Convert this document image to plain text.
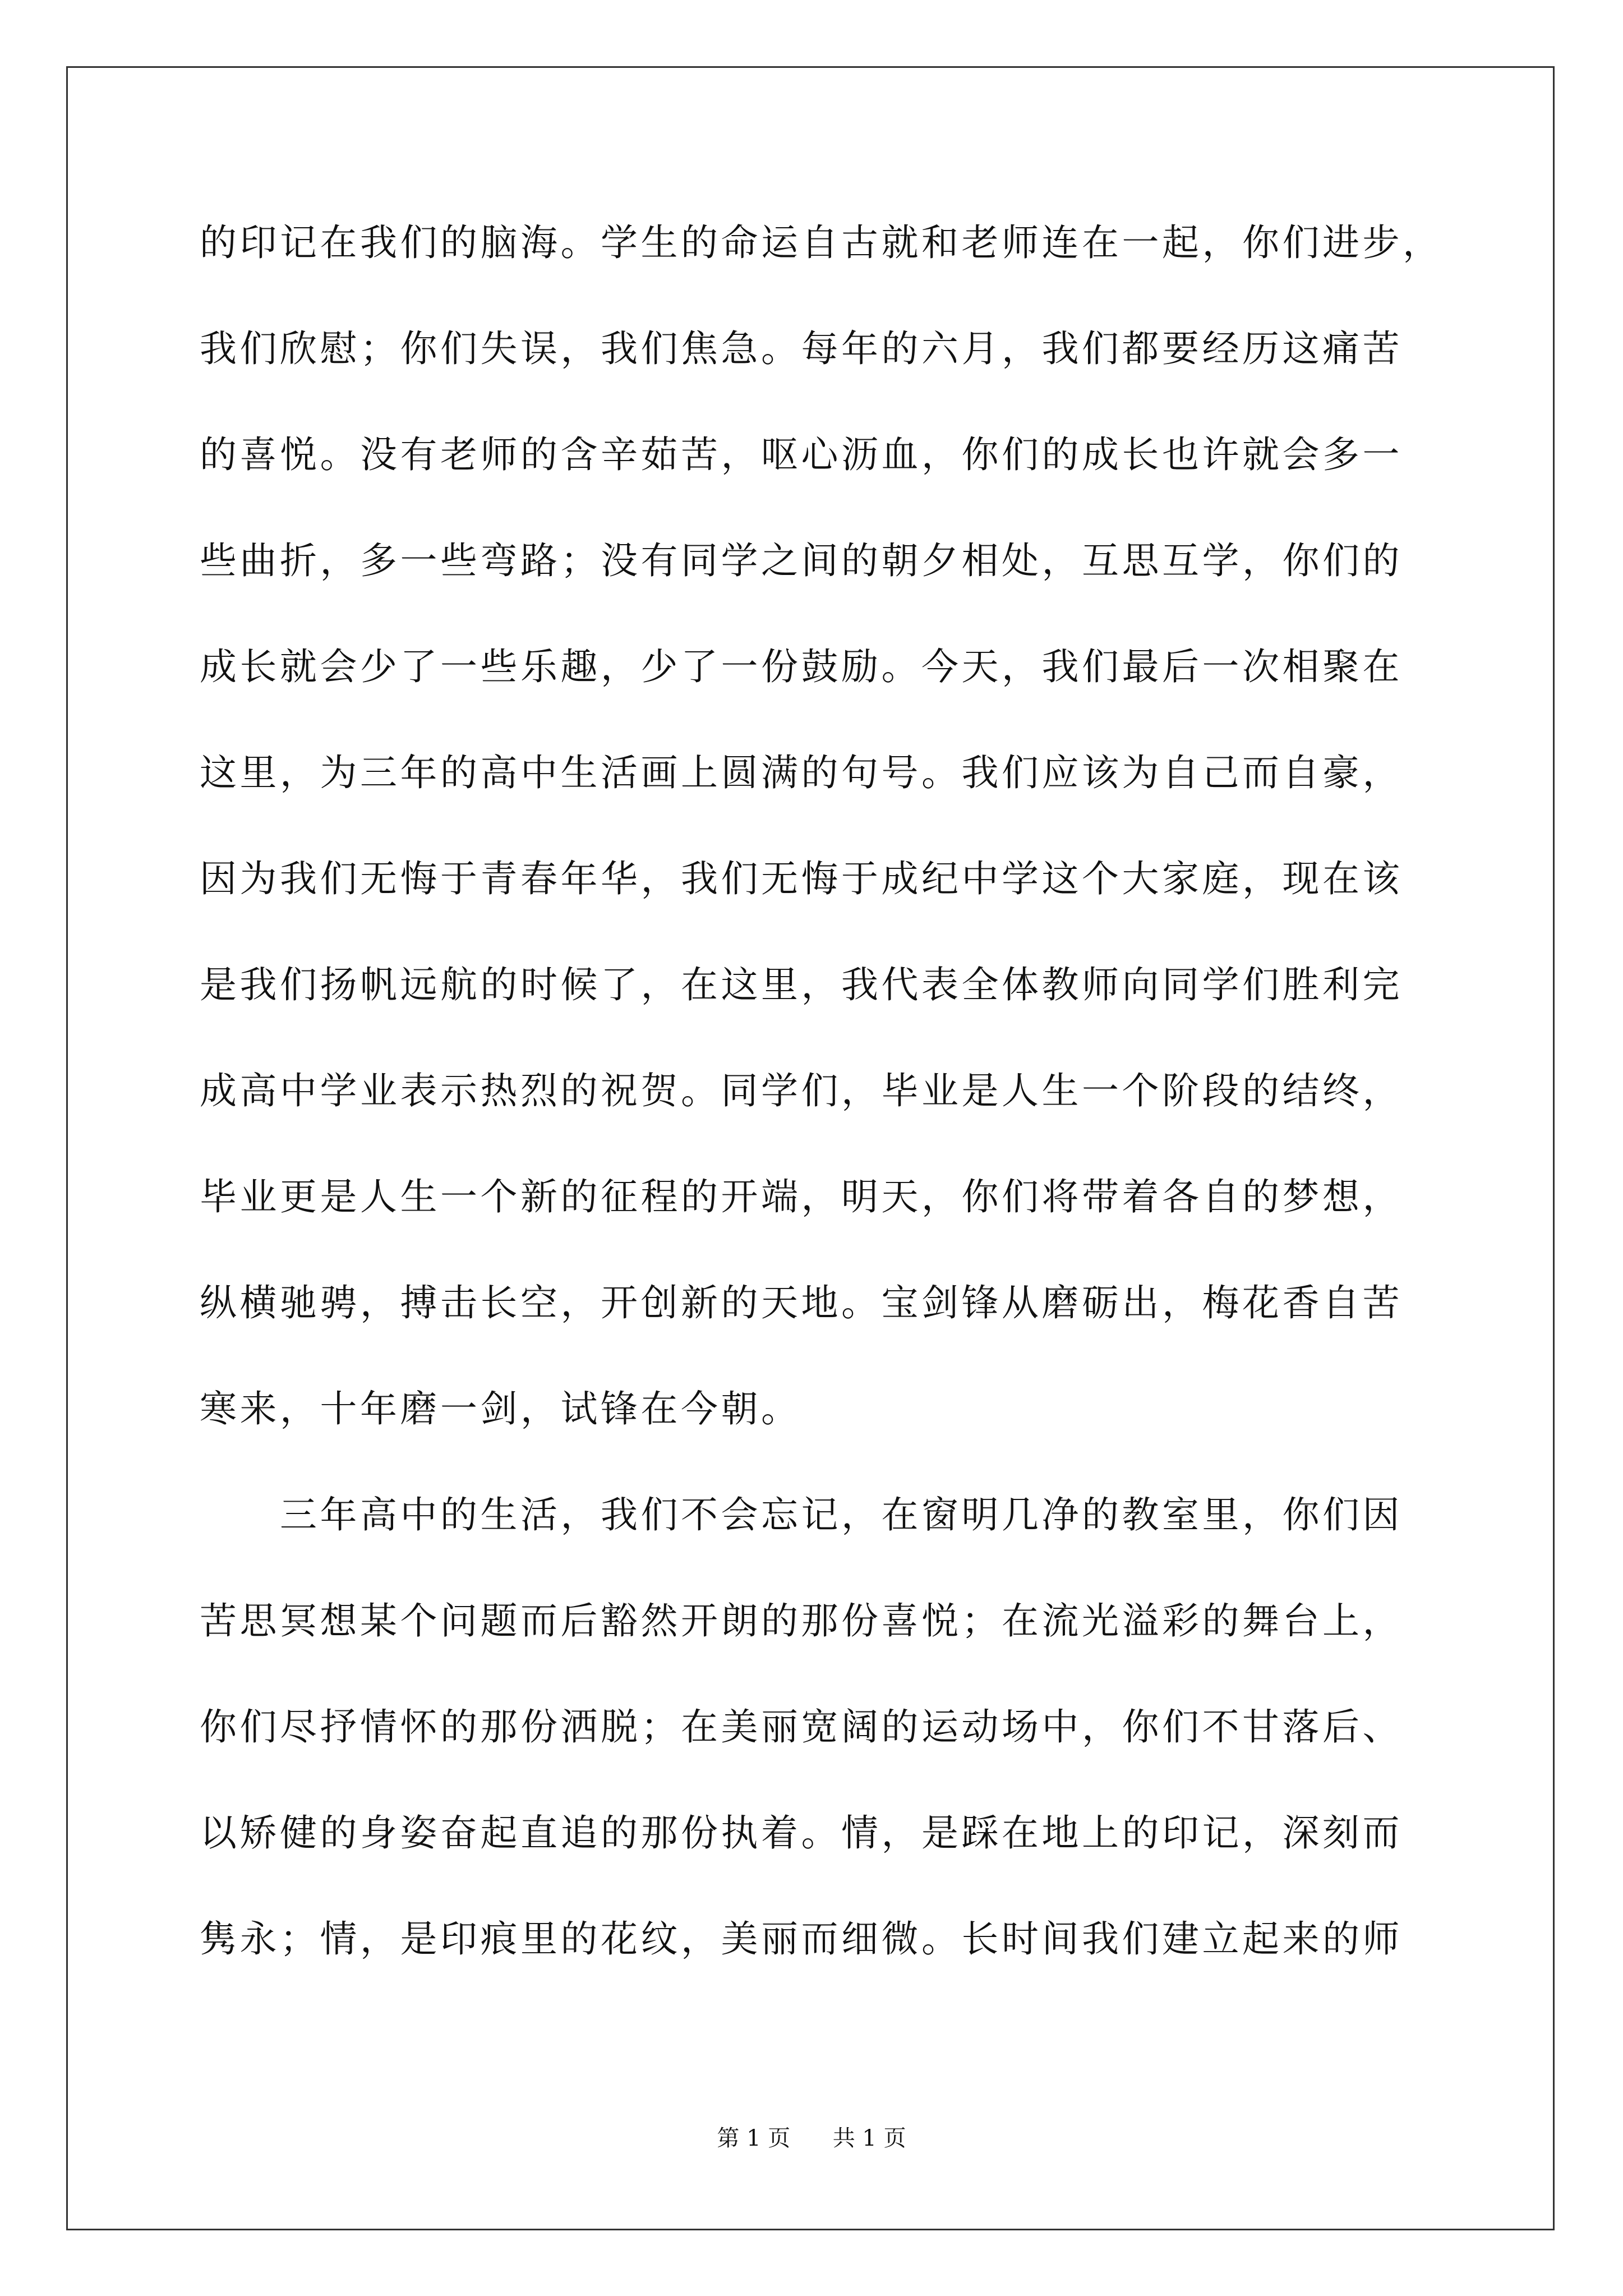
的印记在我们的脑海。学生的命运自古就和老师连在一起，你们进步，
我们欣慰；你们失误，我们焦急。每年的六月，我们都要经历这痛苦
的喜悦。没有老师的含辛茹苦，呕心沥血，你们的成长也许就会多一
些曲折，多一些弯路；没有同学之间的朝夕相处，互思互学，你们的
成长就会少了一些乐趣，少了一份鼓励。今天，我们最后一次相聚在
这里，为三年的高中生活画上圆满的句号。我们应该为自己而自豪，
因为我们无悔于青春年华，我们无悔于成纪中学这个大家庭，现在该
是我们扬帆远航的时候了，在这里，我代表全体教师向同学们胜利完
成高中学业表示热烈的祝贺。同学们，毕业是人生一个阶段的结终，
毕业更是人生一个新的征程的开端，明天，你们将带着各自的梦想，
纵横驰骋，搏击长空，开创新的天地。宝剑锋从磨砺出，梅花香自苦
寒来，十年磨一剑，试锋在今朝。
　　三年高中的生活，我们不会忘记，在窗明几净的教室里，你们因
苦思冥想某个问题而后豁然开朗的那份喜悦；在流光溢彩的舞台上，
你们尽抒情怀的那份洒脱；在美丽宽阔的运动场中，你们不甘落后、
以矫健的身姿奋起直追的那份执着。情，是踩在地上的印记，深刻而
隽永；情，是印痕里的花纹，美丽而细微。长时间我们建立起来的师
第 1 页 共 1 页
